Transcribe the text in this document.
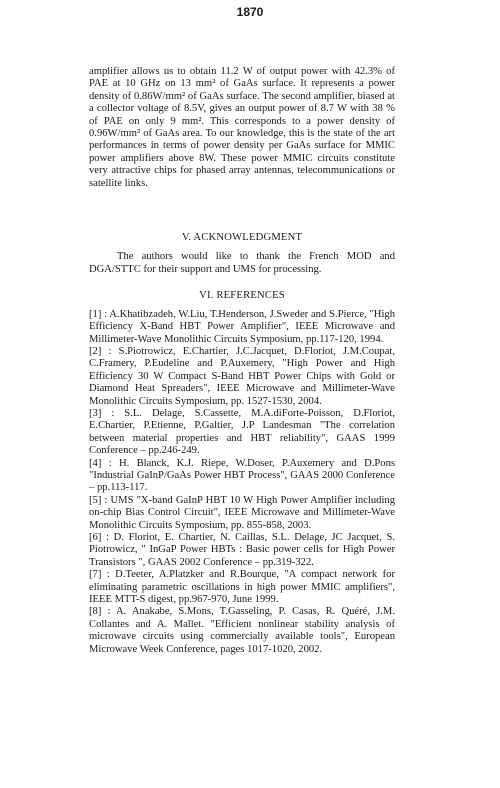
1870

amplifier allows us to obtain 11.2 W of output power with 42.3% of PAE at 10 GHz on 13 mm² of GaAs surface. It represents a power density of 0.86W/mm² of GaAs surface. The second amplifier, biased at a collector voltage of 8.5V, gives an output power of 8.7 W with 38 % of PAE on only 9 mm². This corresponds to a power density of 0.96W/mm² of GaAs area. To our knowledge, this is the state of the art performances in terms of power density per GaAs surface for MMIC power amplifiers above 8W. These power MMIC circuits constitute very attractive chips for phased array antennas, telecommunications or satellite links.

V. ACKNOWLEDGMENT

The authors would like to thank the French MOD and DGA/STTC for their support and UMS for processing.

VI. REFERENCES

[1] : A.Khatibzadeh, W.Liu, T.Henderson, J.Sweder and S.Pierce, "High Efficiency X-Band HBT Power Amplifier", IEEE Microwave and Millimeter-Wave Monolithic Circuits Symposium, pp.117-120, 1994.

[2] : S.Piotrowicz, E.Chartier, J.C.Jacquet, D.Floriot, J.M.Coupat, C.Framery, P.Eudeline and P.Auxemery, "High Power and High Efficiency 30 W Compact S-Band HBT Power Chips with Gold or Diamond Heat Spreaders", IEEE Microwave and Millimeter-Wave Monolithic Circuits Symposium, pp. 1527-1530, 2004.

[3] : S.L. Delage, S.Cassette, M.A.diForte-Poisson, D.Floriot, E.Chartier, P.Etienne, P.Galtier, J.P Landesman "The correlation between material properties and HBT reliability", GAAS 1999 Conference – pp.246-249.

[4] : H. Blanck, K.J. Riepe, W.Doser, P.Auxemery and D.Pons "Industrial GaInP/GaAs Power HBT Process", GAAS 2000 Conference – pp.113-117.

[5] : UMS "X-band GaInP HBT 10 W High Power Amplifier including on-chip Bias Control Circuit", IEEE Microwave and Millimeter-Wave Monolithic Circuits Symposium, pp. 855-858, 2003.

[6] : D. Floriot, E. Chartier, N. Caillas, S.L. Delage, JC Jacquet, S. Piotrowicz, " InGaP Power HBTs : Basic power cells for High Power Transistors ", GAAS 2002 Conference – pp.319-322.

[7] : D.Teeter, A.Platzker and R.Bourque, "A compact network for eliminating parametric oscillations in high power MMIC amplifiers", IEEE MTT-S digest, pp.967-970, June 1999.

[8] : A. Anakabe, S.Mons, T.Gasseling, P. Casas, R. Quéré, J.M. Collantes and A. Mallet. "Efficient nonlinear stability analysis of microwave circuits using commercially available tools", European Microwave Week Conference, pages 1017-1020, 2002.
